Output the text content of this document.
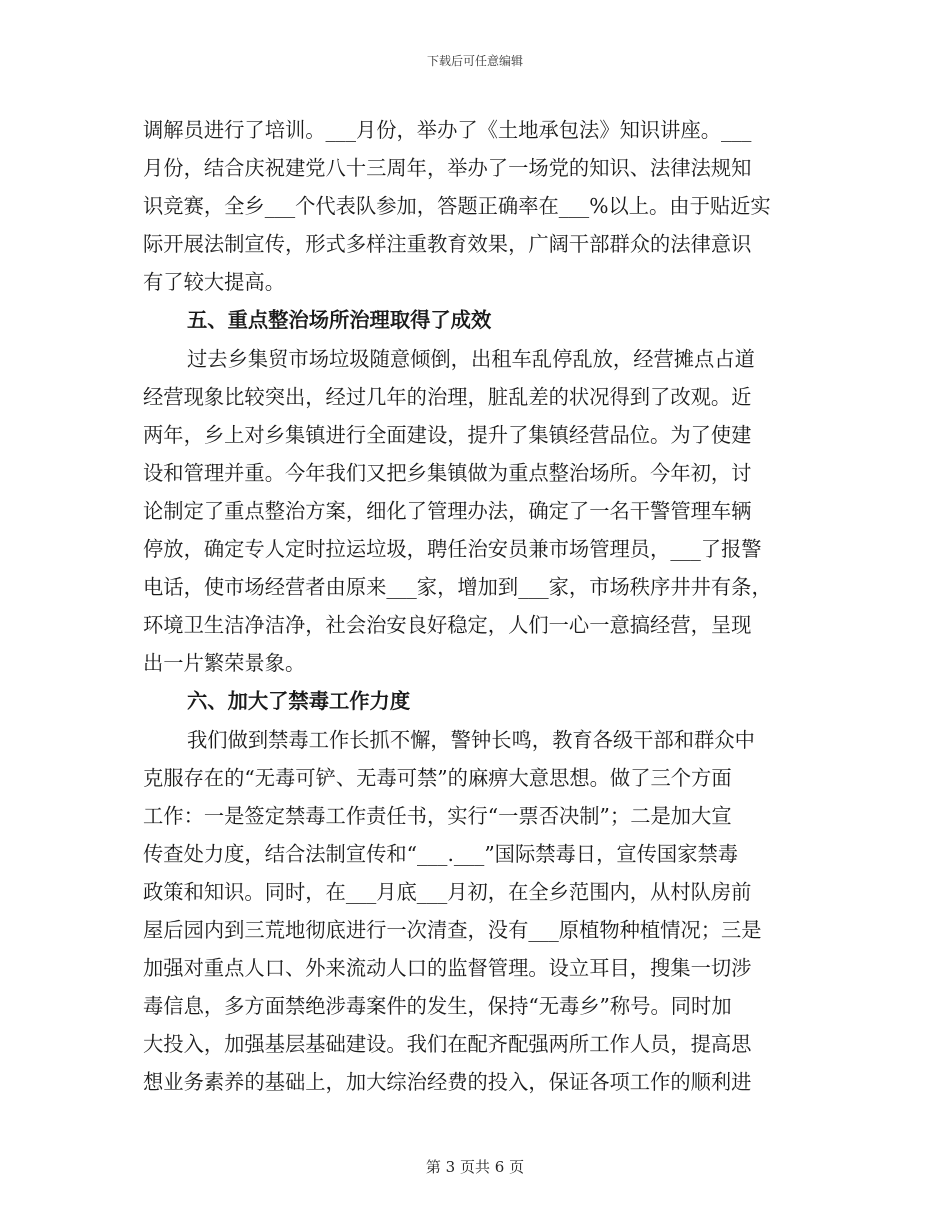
下载后可任意编辑
调解员进行了培训。___月份，举办了《土地承包法》知识讲座。___
月份，结合庆祝建党八十三周年，举办了一场党的知识、法律法规知
识竞赛，全乡___个代表队参加，答题正确率在___%以上。由于贴近实
际开展法制宣传，形式多样注重教育效果，广阔干部群众的法律意识
有了较大提高。
五、重点整治场所治理取得了成效
过去乡集贸市场垃圾随意倾倒，出租车乱停乱放，经营摊点占道
经营现象比较突出，经过几年的治理，脏乱差的状况得到了改观。近
两年，乡上对乡集镇进行全面建设，提升了集镇经营品位。为了使建
设和管理并重。今年我们又把乡集镇做为重点整治场所。今年初，讨
论制定了重点整治方案，细化了管理办法，确定了一名干警管理车辆
停放，确定专人定时拉运垃圾，聘任治安员兼市场管理员，___了报警
电话，使市场经营者由原来___家，增加到___家，市场秩序井井有条，
环境卫生洁净洁净，社会治安良好稳定，人们一心一意搞经营，呈现
出一片繁荣景象。
六、加大了禁毒工作力度
我们做到禁毒工作长抓不懈，警钟长鸣，教育各级干部和群众中
克服存在的“无毒可铲、无毒可禁”的麻痹大意思想。做了三个方面
工作：一是签定禁毒工作责任书，实行“一票否决制”；二是加大宣
传查处力度，结合法制宣传和“___.___”国际禁毒日，宣传国家禁毒
政策和知识。同时，在___月底___月初，在全乡范围内，从村队房前
屋后园内到三荒地彻底进行一次清查，没有___原植物种植情况；三是
加强对重点人口、外来流动人口的监督管理。设立耳目，搜集一切涉
毒信息，多方面禁绝涉毒案件的发生，保持“无毒乡”称号。同时加
大投入，加强基层基础建设。我们在配齐配强两所工作人员，提高思
想业务素养的基础上，加大综治经费的投入，保证各项工作的顺利进
第 3 页共 6 页
